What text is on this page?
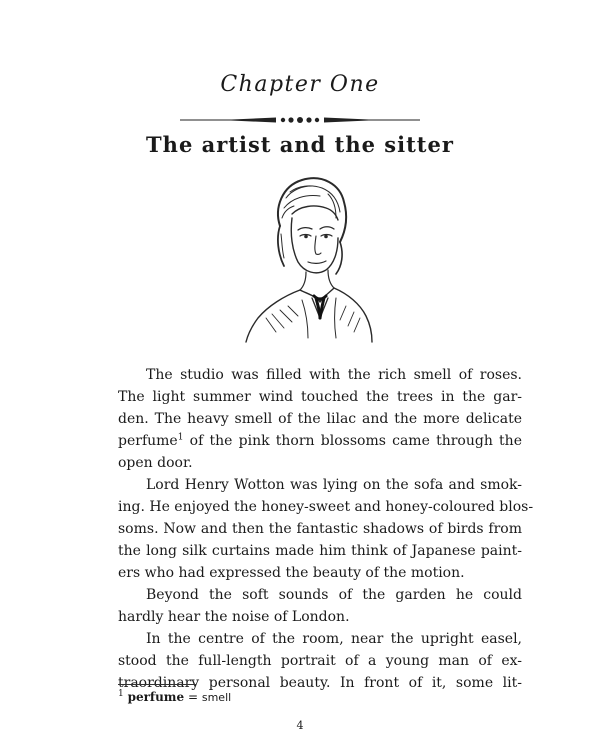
Chapter One
The artist and the sitter
The studio was filled with the rich smell of roses.
The light summer wind touched the trees in the gar-
den. The heavy smell of the lilac and the more delicate
perfume$^1$ of the pink thorn blossoms came through the
open door.
Lord Henry Wotton was lying on the sofa and smok-
ing. He enjoyed the honey-sweet and honey-coloured blos-
soms. Now and then the fantastic shadows of birds from
the long silk curtains made him think of Japanese paint-
ers who had expressed the beauty of the motion.
Beyond the soft sounds of the garden he could
hardly hear the noise of London.
In the centre of the room, near the upright easel,
stood the full-length portrait of a young man of ex-
traordinary personal beauty. In front of it, some lit-
$^1$ perfume = smell
4
